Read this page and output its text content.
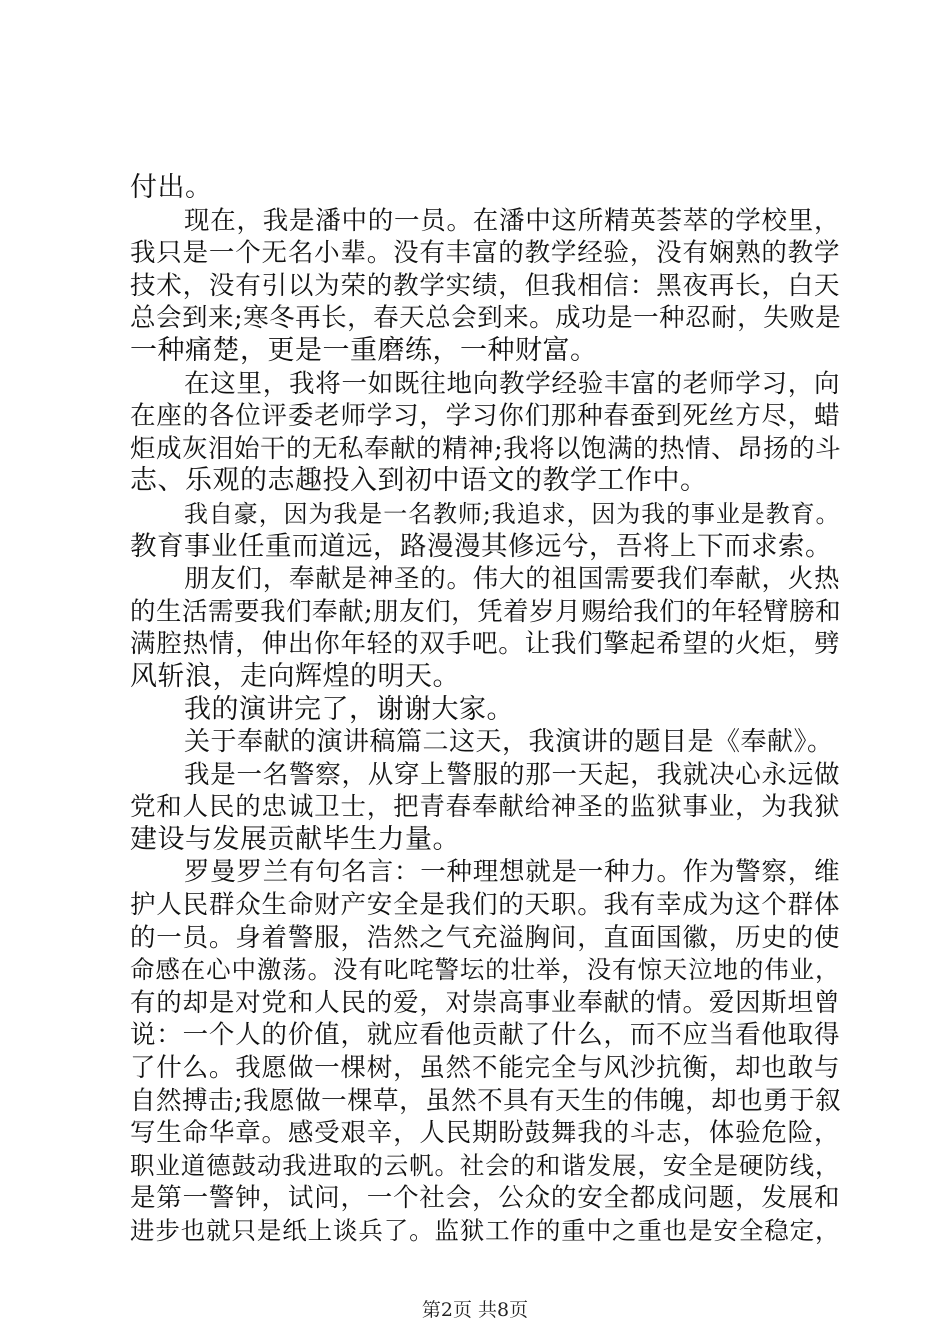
付出。
现在，我是潘中的一员。在潘中这所精英荟萃的学校里，
我只是一个无名小辈。没有丰富的教学经验，没有娴熟的教学
技术，没有引以为荣的教学实绩，但我相信：黑夜再长，白天
总会到来;寒冬再长，春天总会到来。成功是一种忍耐，失败是
一种痛楚，更是一重磨练，一种财富。
在这里，我将一如既往地向教学经验丰富的老师学习，向
在座的各位评委老师学习，学习你们那种春蚕到死丝方尽，蜡
炬成灰泪始干的无私奉献的精神;我将以饱满的热情、昂扬的斗
志、乐观的志趣投入到初中语文的教学工作中。
我自豪，因为我是一名教师;我追求，因为我的事业是教育。
教育事业任重而道远，路漫漫其修远兮，吾将上下而求索。
朋友们，奉献是神圣的。伟大的祖国需要我们奉献，火热
的生活需要我们奉献;朋友们，凭着岁月赐给我们的年轻臂膀和
满腔热情，伸出你年轻的双手吧。让我们擎起希望的火炬，劈
风斩浪，走向辉煌的明天。
我的演讲完了，谢谢大家。
关于奉献的演讲稿篇二这天，我演讲的题目是《奉献》。
我是一名警察，从穿上警服的那一天起，我就决心永远做
党和人民的忠诚卫士，把青春奉献给神圣的监狱事业，为我狱
建设与发展贡献毕生力量。
罗曼罗兰有句名言：一种理想就是一种力。作为警察，维
护人民群众生命财产安全是我们的天职。我有幸成为这个群体
的一员。身着警服，浩然之气充溢胸间，直面国徽，历史的使
命感在心中激荡。没有叱咤警坛的壮举，没有惊天泣地的伟业，
有的却是对党和人民的爱，对崇高事业奉献的情。爱因斯坦曾
说：一个人的价值，就应看他贡献了什么，而不应当看他取得
了什么。我愿做一棵树，虽然不能完全与风沙抗衡，却也敢与
自然搏击;我愿做一棵草，虽然不具有天生的伟魄，却也勇于叙
写生命华章。感受艰辛，人民期盼鼓舞我的斗志，体验危险，
职业道德鼓动我进取的云帆。社会的和谐发展，安全是硬防线，
是第一警钟，试问，一个社会，公众的安全都成问题，发展和
进步也就只是纸上谈兵了。监狱工作的重中之重也是安全稳定，
第2页 共8页
